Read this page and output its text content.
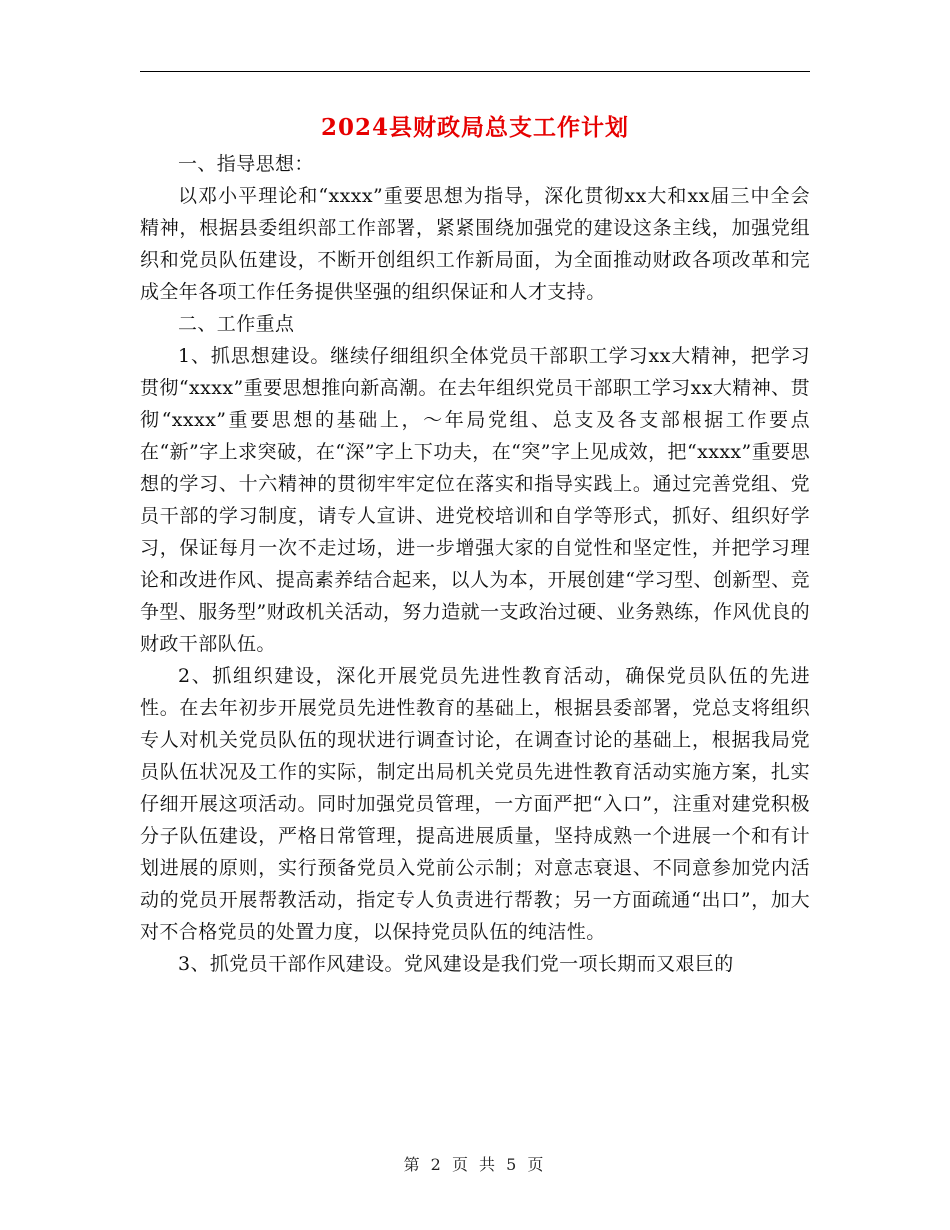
2024县财政局总支工作计划

一、指导思想：

以邓小平理论和“xxxx”重要思想为指导，深化贯彻xx大和xx届三中全会精神，根据县委组织部工作部署，紧紧围绕加强党的建设这条主线，加强党组织和党员队伍建设，不断开创组织工作新局面，为全面推动财政各项改革和完成全年各项工作任务提供坚强的组织保证和人才支持。

二、工作重点

1、抓思想建设。继续仔细组织全体党员干部职工学习xx大精神，把学习贯彻“xxxx”重要思想推向新高潮。在去年组织党员干部职工学习xx大精神、贯彻“xxxx”重要思想的基础上，～年局党组、总支及各支部根据工作要点在“新”字上求突破，在“深”字上下功夫，在“突”字上见成效，把“xxxx”重要思想的学习、十六精神的贯彻牢牢定位在落实和指导实践上。通过完善党组、党员干部的学习制度，请专人宣讲、进党校培训和自学等形式，抓好、组织好学习，保证每月一次不走过场，进一步增强大家的自觉性和坚定性，并把学习理论和改进作风、提高素养结合起来，以人为本，开展创建“学习型、创新型、竞争型、服务型”财政机关活动，努力造就一支政治过硬、业务熟练，作风优良的财政干部队伍。

2、抓组织建设，深化开展党员先进性教育活动，确保党员队伍的先进性。在去年初步开展党员先进性教育的基础上，根据县委部署，党总支将组织专人对机关党员队伍的现状进行调查讨论，在调查讨论的基础上，根据我局党员队伍状况及工作的实际，制定出局机关党员先进性教育活动实施方案，扎实仔细开展这项活动。同时加强党员管理，一方面严把“入口”，注重对建党积极分子队伍建设，严格日常管理，提高进展质量，坚持成熟一个进展一个和有计划进展的原则，实行预备党员入党前公示制；对意志衰退、不同意参加党内活动的党员开展帮教活动，指定专人负责进行帮教；另一方面疏通“出口”，加大对不合格党员的处置力度，以保持党员队伍的纯洁性。

3、抓党员干部作风建设。党风建设是我们党一项长期而又艰巨的

第 2 页 共 5 页
